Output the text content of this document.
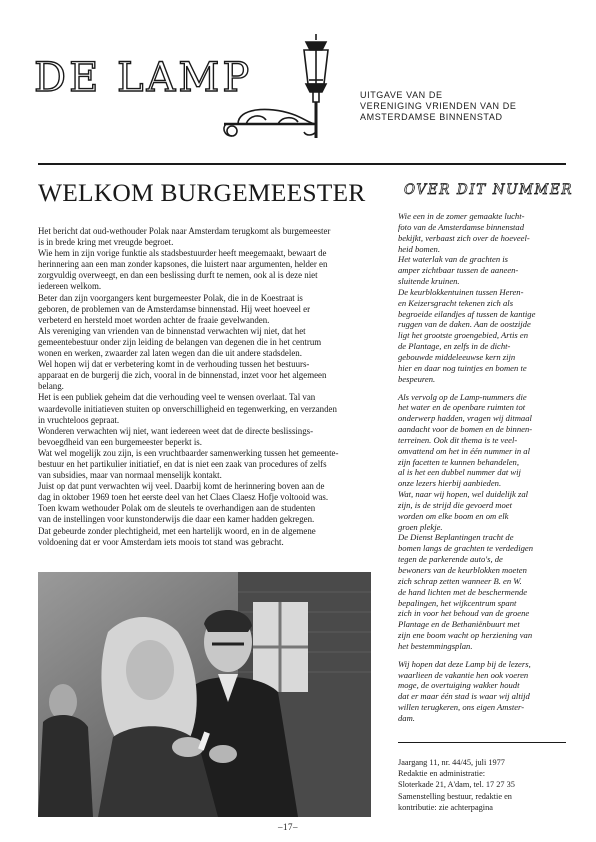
DE LAMP	UITGAVE VAN DE
VERENIGING VRIENDEN VAN DE
AMSTERDAMSE BINNENSTAD
WELKOM BURGEMEESTER

Het bericht dat oud-wethouder Polak naar Amsterdam terugkomt als burgemeester
is in brede kring met vreugde begroet.

Wie hem in zijn vorige funktie als stadsbestuurder heeft meegemaakt, bewaart de
herinnering aan een man zonder kapsones, die luistert naar argumenten, helder en
zorgvuldig overweegt, en dan een beslissing durft te nemen, ook al is deze niet
iedereen welkom.

Beter dan zijn voorgangers kent burgemeester Polak, die in de Koestraat is
geboren, de problemen van de Amsterdamse binnenstad. Hij weet hoeveel er
verbeterd en hersteld moet worden achter de fraaie gevelwanden.

Als vereniging van vrienden van de binnenstad verwachten wij niet, dat het
gemeentebestuur onder zijn leiding de belangen van degenen die in het centrum
wonen en werken, zwaarder zal laten wegen dan die uit andere stadsdelen.

Wel hopen wij dat er verbetering komt in de verhouding tussen het bestuurs-
apparaat en de burgerij die zich, vooral in de binnenstad, inzet voor het algemeen
belang.

Het is een publiek geheim dat die verhouding veel te wensen overlaat. Tal van
waardevolle initiatieven stuiten op onverschilligheid en tegenwerking, en verzanden
in vruchteloos gepraat.

Wonderen verwachten wij niet, want iedereen weet dat de directe beslissings-
bevoegdheid van een burgemeester beperkt is.

Wat wel mogelijk zou zijn, is een vruchtbaarder samenwerking tussen het gemeente-
bestuur en het partikulier initiatief, en dat is niet een zaak van procedures of zelfs
van subsidies, maar van normaal menselijk kontakt.

Juist op dat punt verwachten wij veel. Daarbij komt de herinnering boven aan de
dag in oktober 1969 toen het eerste deel van het Claes Claesz Hofje voltooid was.
Toen kwam wethouder Polak om de sleutels te overhandigen aan de studenten
van de instellingen voor kunstonderwijs die daar een kamer hadden gekregen.

Dat gebeurde zonder plechtigheid, met een hartelijk woord, en in de algemene
voldoening dat er voor Amsterdam iets moois tot stand was gebracht.

OVER DIT NUMMER

Wie een in de zomer gemaakte lucht-
foto van de Amsterdamse binnenstad
bekijkt, verbaast zich over de hoeveel-
heid bomen.
Het waterlak van de grachten is
amper zichtbaar tussen de aaneen-
sluitende kruinen.
De keurblokkentuinen tussen Heren-
en Keizersgracht tekenen zich als
begroeide eilandjes af tussen de kantige
ruggen van de daken. Aan de oostzijde
ligt het grootste groengebied, Artis en
de Plantage, en zelfs in de dicht-
gebouwde middeleeuwse kern zijn
hier en daar nog tuintjes en bomen te
bespeuren.

Als vervolg op de Lamp-nummers die
het water en de openbare ruimten tot
onderwerp hadden, vragen wij ditmaal
aandacht voor de bomen en de binnen-
terreinen. Ook dit thema is te veel-
omvattend om het in één nummer in al
zijn facetten te kunnen behandelen,
al is het een dubbel nummer dat wij
onze lezers hierbij aanbieden.
Wat, naar wij hopen, wel duidelijk zal
zijn, is de strijd die gevoerd moet
worden om elke boom en om elk
groen plekje.
De Dienst Beplantingen tracht de
bomen langs de grachten te verdedigen
tegen de parkerende auto's, de
bewoners van de keurblokken moeten
zich schrap zetten wanneer B. en W.
de hand lichten met de beschermende
bepalingen, het wijkcentrum spant
zich in voor het behoud van de groene
Plantage en de Bethaniënbuurt met
zijn ene boom wacht op herziening van
het bestemmingsplan.

Wij hopen dat deze Lamp bij de lezers,
waarlieen de vakantie hen ook voeren
moge, de overtuiging wakker houdt
dat er maar één stad is waar wij altijd
willen terugkeren, ons eigen Amster-
dam.

Jaargang 11, nr. 44/45, juli 1977
Redaktie en administratie:
Sloterkade 21, A'dam, tel. 17 27 35
Samenstelling bestuur, redaktie en
kontributie: zie achterpagina
–17–
